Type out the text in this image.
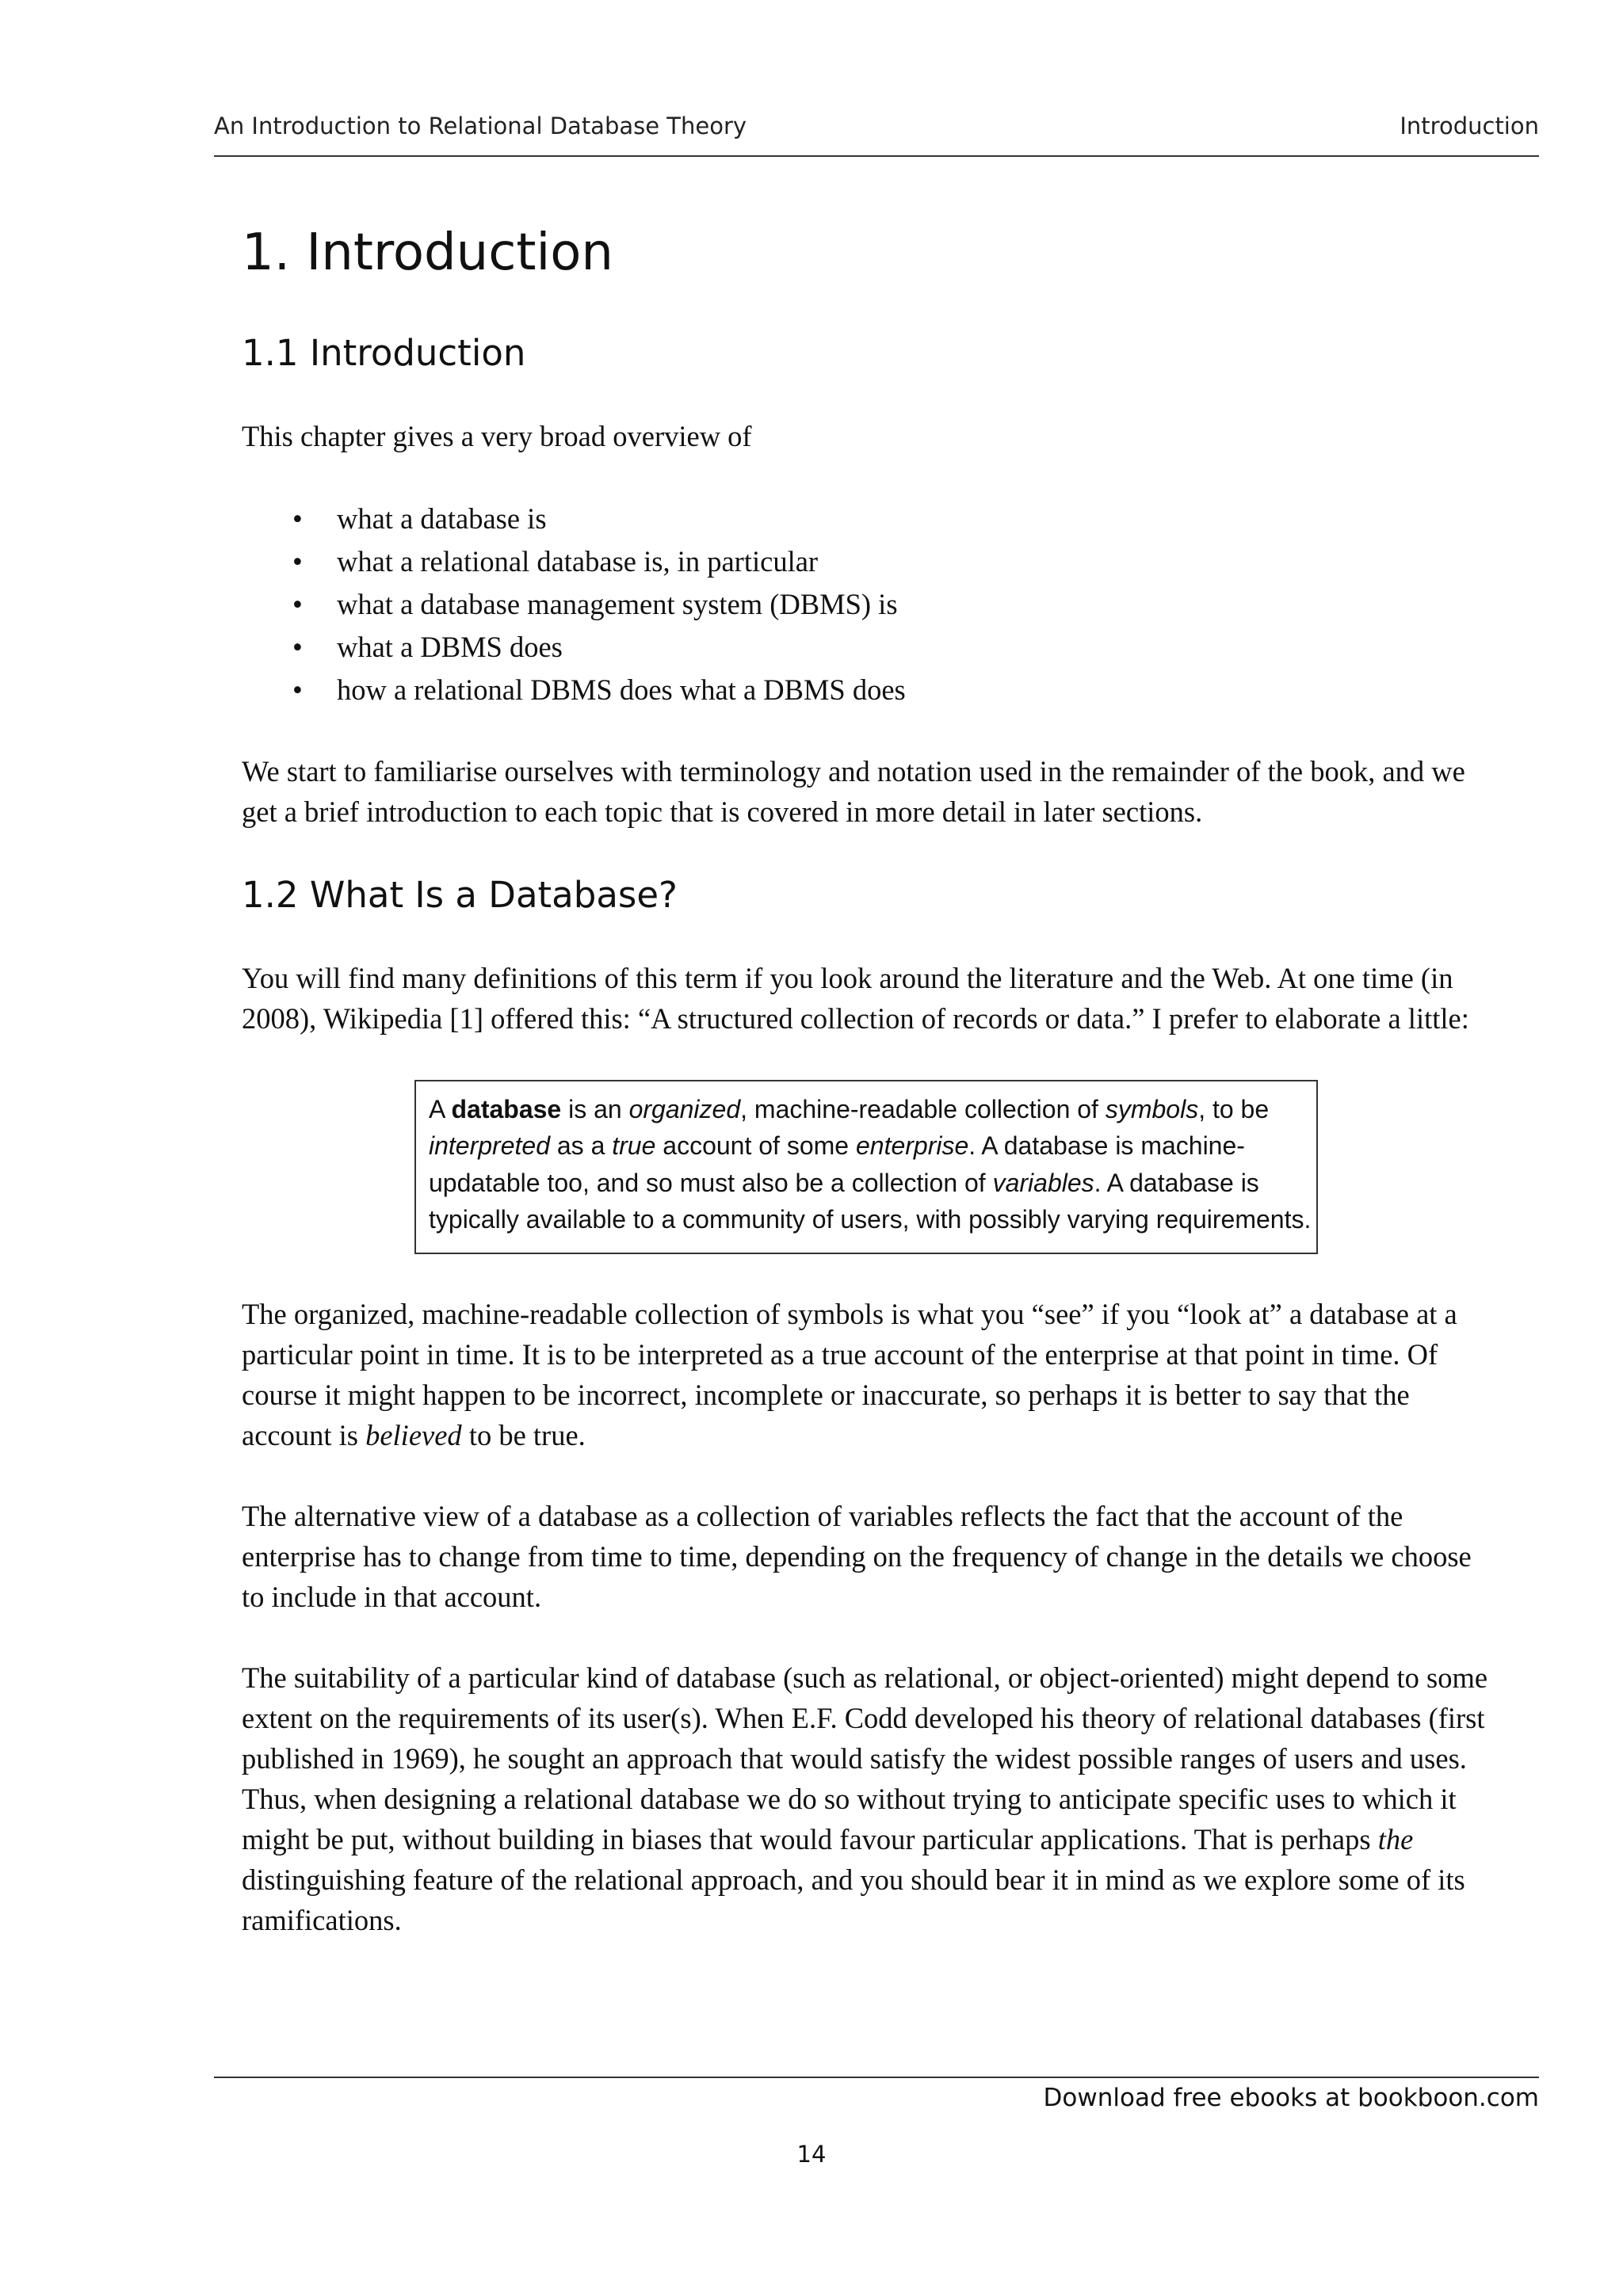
An Introduction to Relational Database Theory	Introduction
1. Introduction
1.1 Introduction

This chapter gives a very broad overview of

• what a database is
• what a relational database is, in particular
• what a database management system (DBMS) is
• what a DBMS does
• how a relational DBMS does what a DBMS does

We start to familiarise ourselves with terminology and notation used in the remainder of the book, and we get a brief introduction to each topic that is covered in more detail in later sections.

1.2 What Is a Database?

You will find many definitions of this term if you look around the literature and the Web. At one time (in 2008), Wikipedia [1] offered this: “A structured collection of records or data.” I prefer to elaborate a little:

A database is an organized, machine-readable collection of symbols, to be interpreted as a true account of some enterprise. A database is machine-updatable too, and so must also be a collection of variables. A database is typically available to a community of users, with possibly varying requirements.

The organized, machine-readable collection of symbols is what you “see” if you “look at” a database at a particular point in time. It is to be interpreted as a true account of the enterprise at that point in time. Of course it might happen to be incorrect, incomplete or inaccurate, so perhaps it is better to say that the account is believed to be true.

The alternative view of a database as a collection of variables reflects the fact that the account of the enterprise has to change from time to time, depending on the frequency of change in the details we choose to include in that account.

The suitability of a particular kind of database (such as relational, or object-oriented) might depend to some extent on the requirements of its user(s). When E.F. Codd developed his theory of relational databases (first published in 1969), he sought an approach that would satisfy the widest possible ranges of users and uses. Thus, when designing a relational database we do so without trying to anticipate specific uses to which it might be put, without building in biases that would favour particular applications. That is perhaps the distinguishing feature of the relational approach, and you should bear it in mind as we explore some of its ramifications.

Download free ebooks at bookboon.com
14
